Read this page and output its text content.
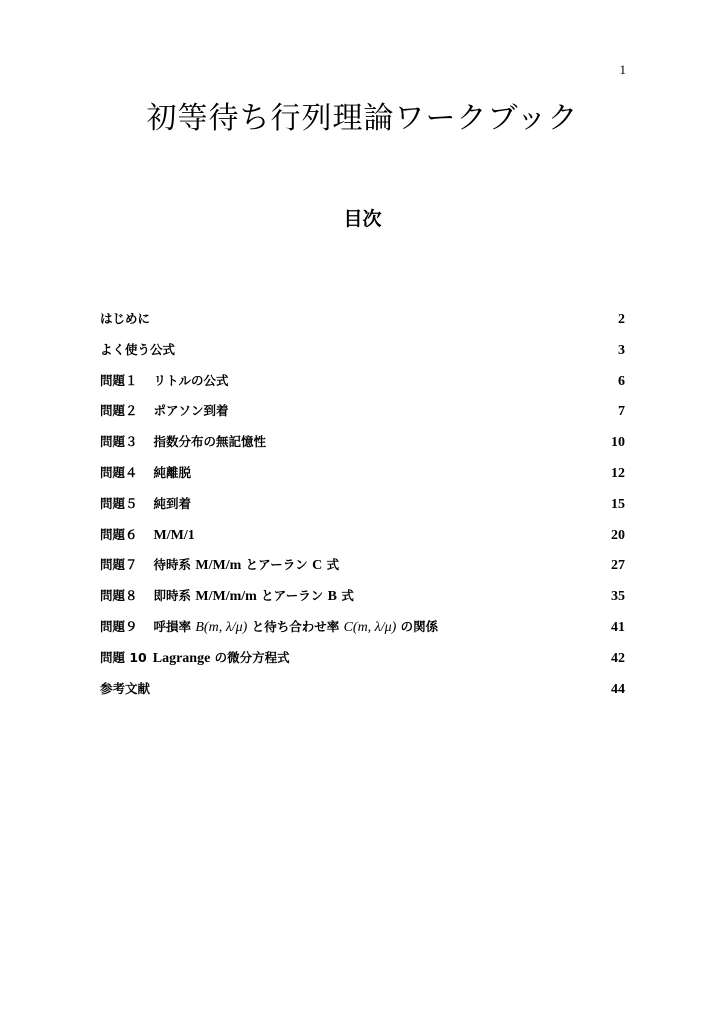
1
初等待ち行列理論ワークブック
目次
はじめに	2
よく使う公式	3
問題１ リトルの公式	6
問題２ ポアソン到着	7
問題３ 指数分布の無記憶性	10
問題４ 純離脱	12
問題５ 純到着	15
問題６ M/M/1	20
問題７ 待時系 M/M/m とアーラン C 式	27
問題８ 即時系 M/M/m/m とアーラン B 式	35
問題９ 呼損率 B(m, λ/μ) と待ち合わせ率 C(m, λ/μ) の関係	41
問題 10 Lagrange の微分方程式	42
参考文献	44
